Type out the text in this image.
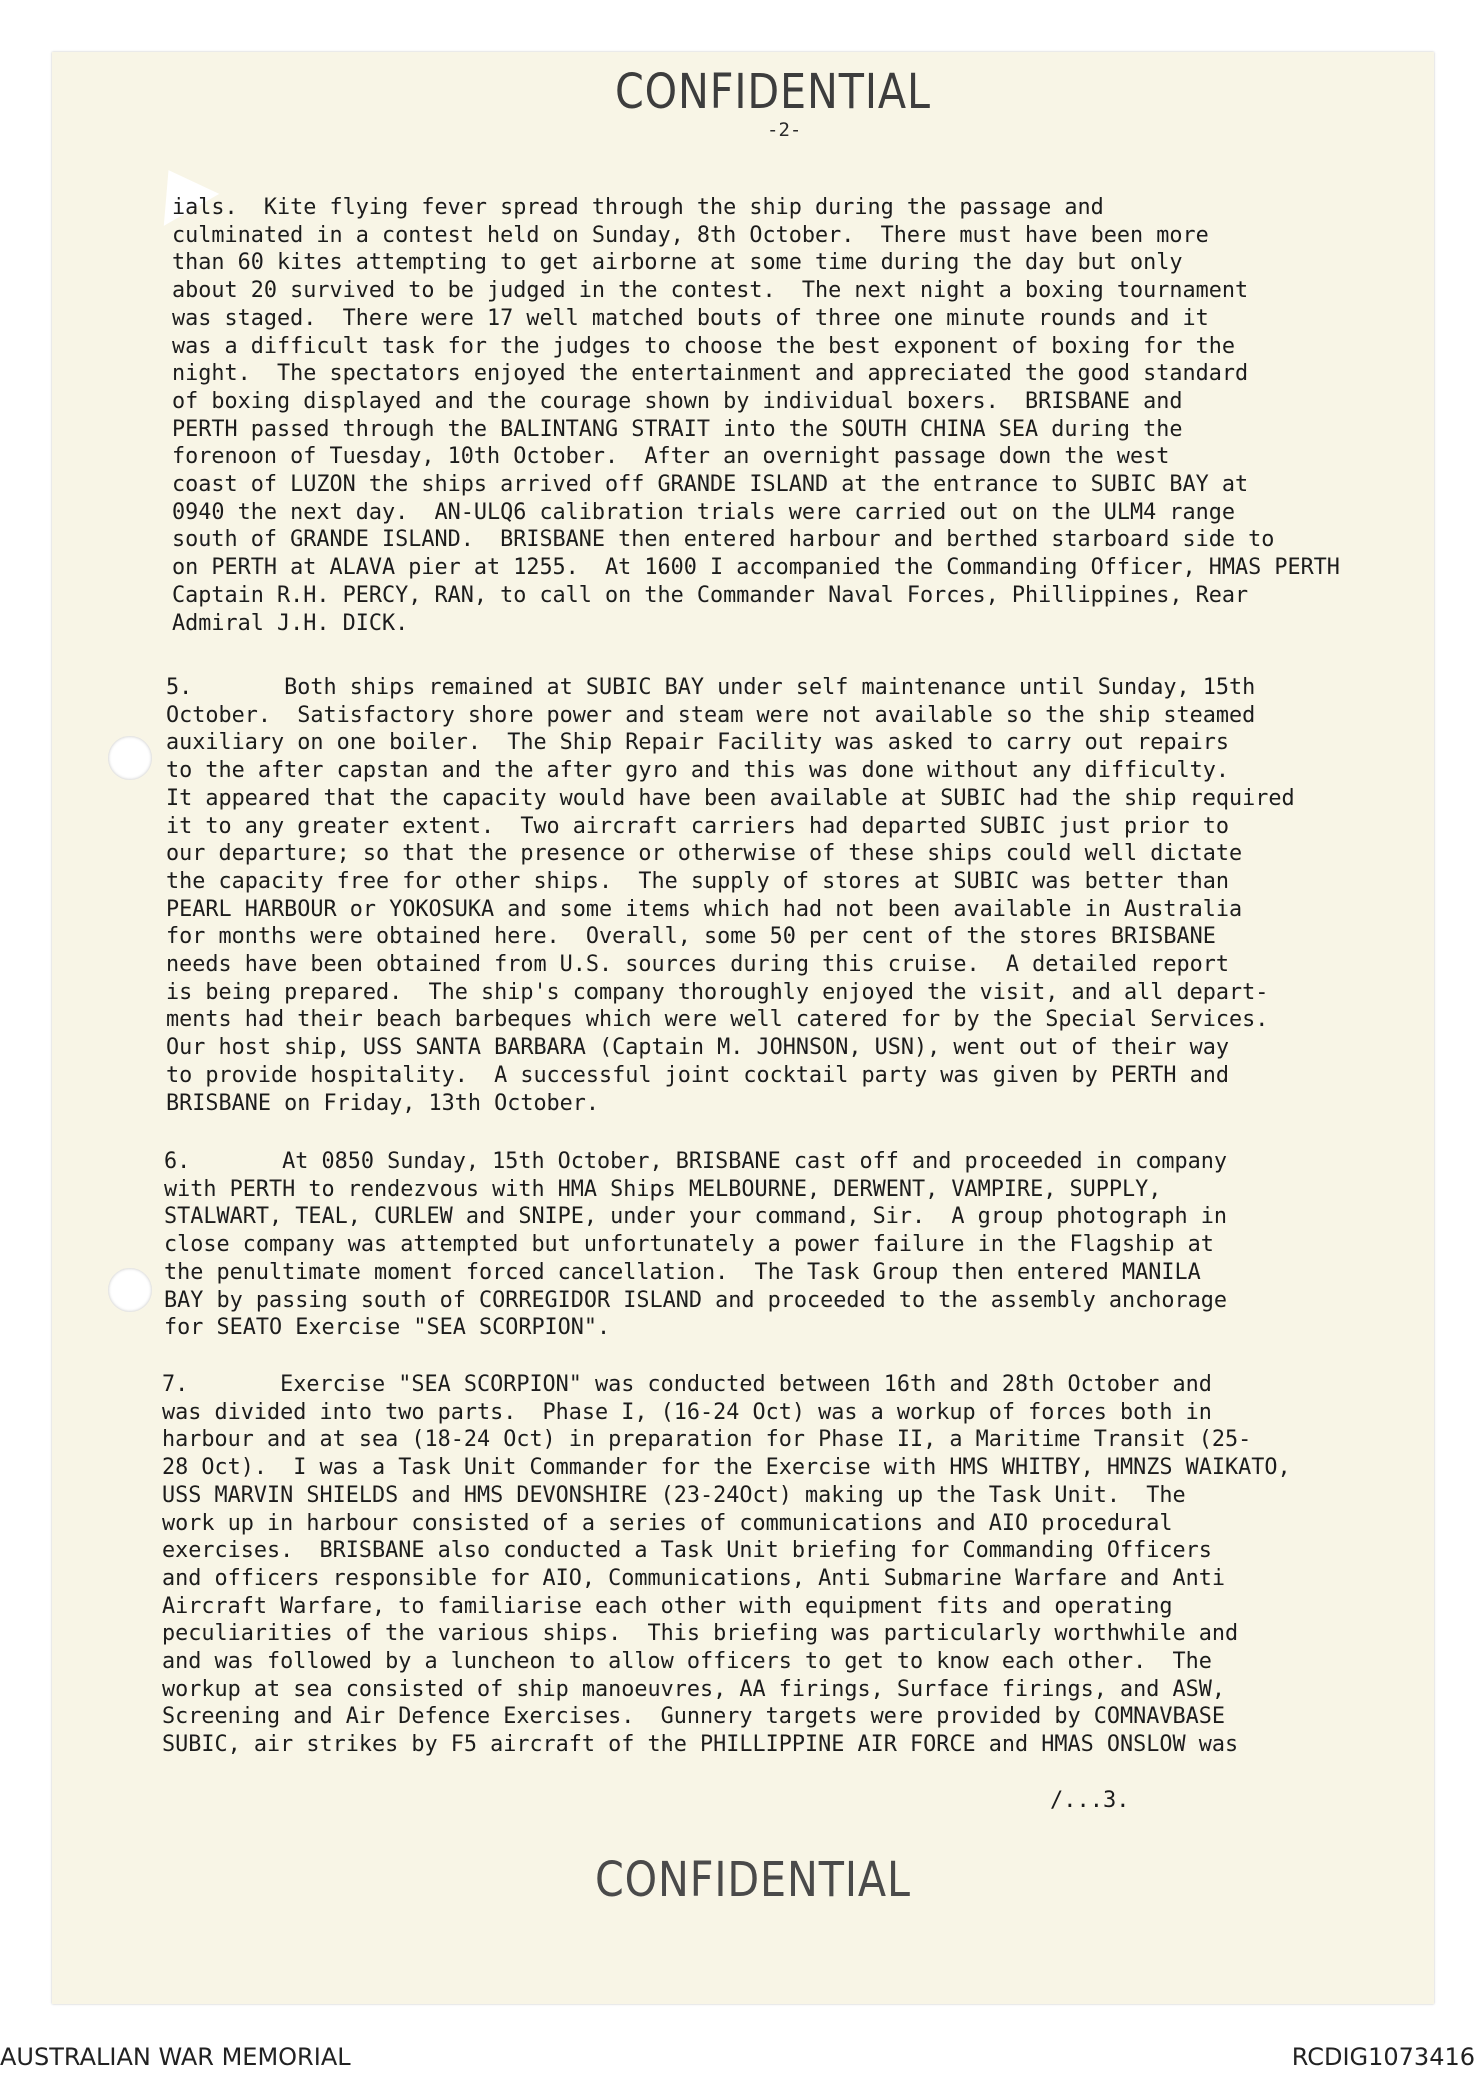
CONFIDENTIAL
-2-
ials.  Kite flying fever spread through the ship during the passage and
culminated in a contest held on Sunday, 8th October.  There must have been more
than 60 kites attempting to get airborne at some time during the day but only
about 20 survived to be judged in the contest.  The next night a boxing tournament
was staged.  There were 17 well matched bouts of three one minute rounds and it
was a difficult task for the judges to choose the best exponent of boxing for the
night.  The spectators enjoyed the entertainment and appreciated the good standard
of boxing displayed and the courage shown by individual boxers.  BRISBANE and
PERTH passed through the BALINTANG STRAIT into the SOUTH CHINA SEA during the
forenoon of Tuesday, 10th October.  After an overnight passage down the west
coast of LUZON the ships arrived off GRANDE ISLAND at the entrance to SUBIC BAY at
0940 the next day.  AN-ULQ6 calibration trials were carried out on the ULM4 range
south of GRANDE ISLAND.  BRISBANE then entered harbour and berthed starboard side to
on PERTH at ALAVA pier at 1255.  At 1600 I accompanied the Commanding Officer, HMAS PERTH
Captain R.H. PERCY, RAN, to call on the Commander Naval Forces, Phillippines, Rear
Admiral J.H. DICK.
5.       Both ships remained at SUBIC BAY under self maintenance until Sunday, 15th
October.  Satisfactory shore power and steam were not available so the ship steamed
auxiliary on one boiler.  The Ship Repair Facility was asked to carry out repairs
to the after capstan and the after gyro and this was done without any difficulty.
It appeared that the capacity would have been available at SUBIC had the ship required
it to any greater extent.  Two aircraft carriers had departed SUBIC just prior to
our departure; so that the presence or otherwise of these ships could well dictate
the capacity free for other ships.  The supply of stores at SUBIC was better than
PEARL HARBOUR or YOKOSUKA and some items which had not been available in Australia
for months were obtained here.  Overall, some 50 per cent of the stores BRISBANE
needs have been obtained from U.S. sources during this cruise.  A detailed report
is being prepared.  The ship's company thoroughly enjoyed the visit, and all depart-
ments had their beach barbeques which were well catered for by the Special Services.
Our host ship, USS SANTA BARBARA (Captain M. JOHNSON, USN), went out of their way
to provide hospitality.  A successful joint cocktail party was given by PERTH and
BRISBANE on Friday, 13th October.
6.       At 0850 Sunday, 15th October, BRISBANE cast off and proceeded in company
with PERTH to rendezvous with HMA Ships MELBOURNE, DERWENT, VAMPIRE, SUPPLY,
STALWART, TEAL, CURLEW and SNIPE, under your command, Sir.  A group photograph in
close company was attempted but unfortunately a power failure in the Flagship at
the penultimate moment forced cancellation.  The Task Group then entered MANILA
BAY by passing south of CORREGIDOR ISLAND and proceeded to the assembly anchorage
for SEATO Exercise "SEA SCORPION".
7.       Exercise "SEA SCORPION" was conducted between 16th and 28th October and
was divided into two parts.  Phase I, (16-24 Oct) was a workup of forces both in
harbour and at sea (18-24 Oct) in preparation for Phase II, a Maritime Transit (25-
28 Oct).  I was a Task Unit Commander for the Exercise with HMS WHITBY, HMNZS WAIKATO,
USS MARVIN SHIELDS and HMS DEVONSHIRE (23-24Oct) making up the Task Unit.  The
work up in harbour consisted of a series of communications and AIO procedural
exercises.  BRISBANE also conducted a Task Unit briefing for Commanding Officers
and officers responsible for AIO, Communications, Anti Submarine Warfare and Anti
Aircraft Warfare, to familiarise each other with equipment fits and operating
peculiarities of the various ships.  This briefing was particularly worthwhile and
and was followed by a luncheon to allow officers to get to know each other.  The
workup at sea consisted of ship manoeuvres, AA firings, Surface firings, and ASW,
Screening and Air Defence Exercises.  Gunnery targets were provided by COMNAVBASE
SUBIC, air strikes by F5 aircraft of the PHILLIPPINE AIR FORCE and HMAS ONSLOW was
/...3.
CONFIDENTIAL
AUSTRALIAN WAR MEMORIAL	RCDIG1073416
